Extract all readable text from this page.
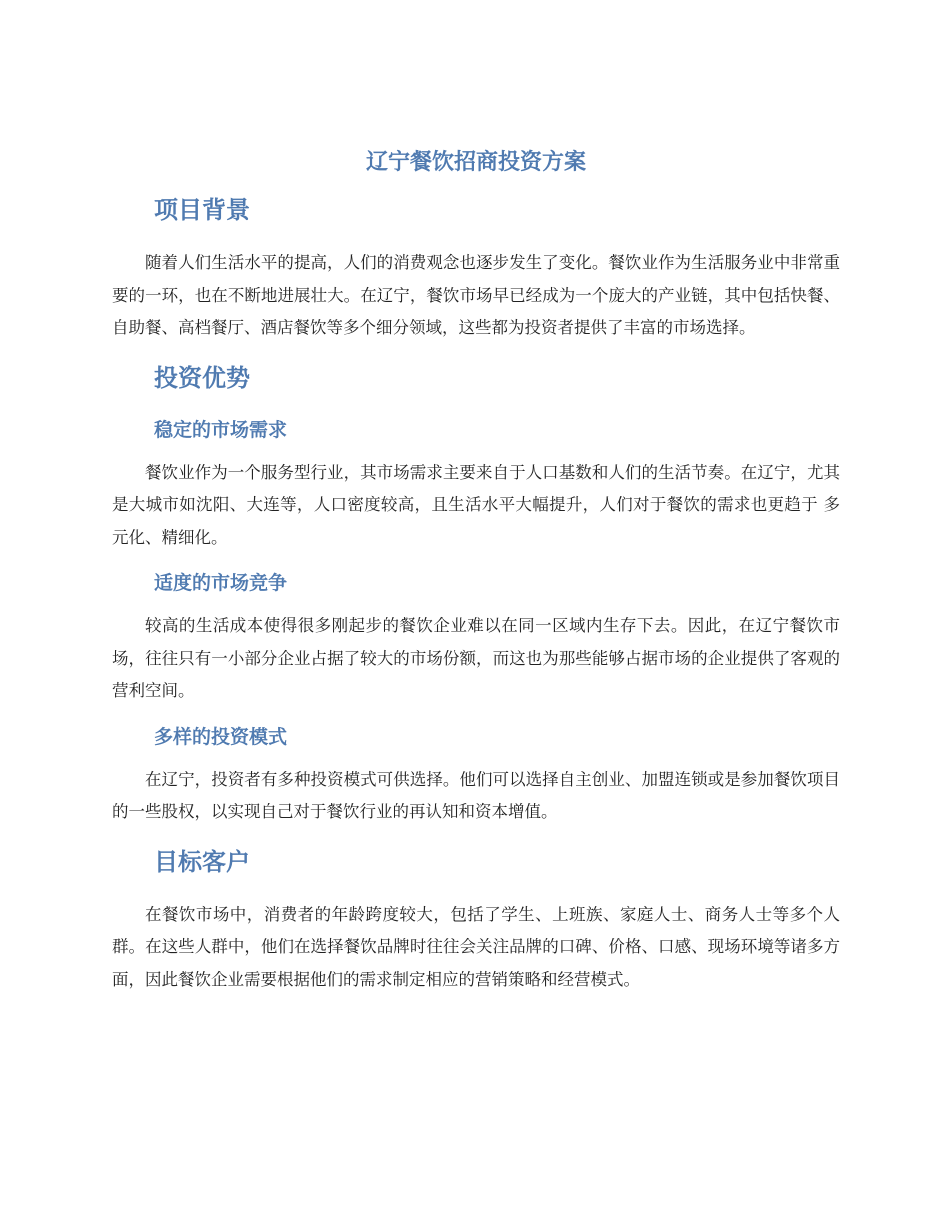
辽宁餐饮招商投资方案
项目背景

随着人们生活水平的提高，人们的消费观念也逐步发生了变化。餐饮业作为生活服务业中非常重要的一环，也在不断地进展壮大。在辽宁，餐饮市场早已经成为一个庞大的产业链，其中包括快餐、自助餐、高档餐厅、酒店餐饮等多个细分领域，这些都为投资者提供了丰富的市场选择。

投资优势
稳定的市场需求

餐饮业作为一个服务型行业，其市场需求主要来自于人口基数和人们的生活节奏。在辽宁，尤其是大城市如沈阳、大连等，人口密度较高，且生活水平大幅提升，人们对于餐饮的需求也更趋于 多元化、精细化。

适度的市场竞争

较高的生活成本使得很多刚起步的餐饮企业难以在同一区域内生存下去。因此，在辽宁餐饮市场，往往只有一小部分企业占据了较大的市场份额，而这也为那些能够占据市场的企业提供了客观的营利空间。

多样的投资模式

在辽宁，投资者有多种投资模式可供选择。他们可以选择自主创业、加盟连锁或是参加餐饮项目的一些股权，以实现自己对于餐饮行业的再认知和资本增值。

目标客户

在餐饮市场中，消费者的年龄跨度较大，包括了学生、上班族、家庭人士、商务人士等多个人群。在这些人群中，他们在选择餐饮品牌时往往会关注品牌的口碑、价格、口感、现场环境等诸多方面，因此餐饮企业需要根据他们的需求制定相应的营销策略和经营模式。
